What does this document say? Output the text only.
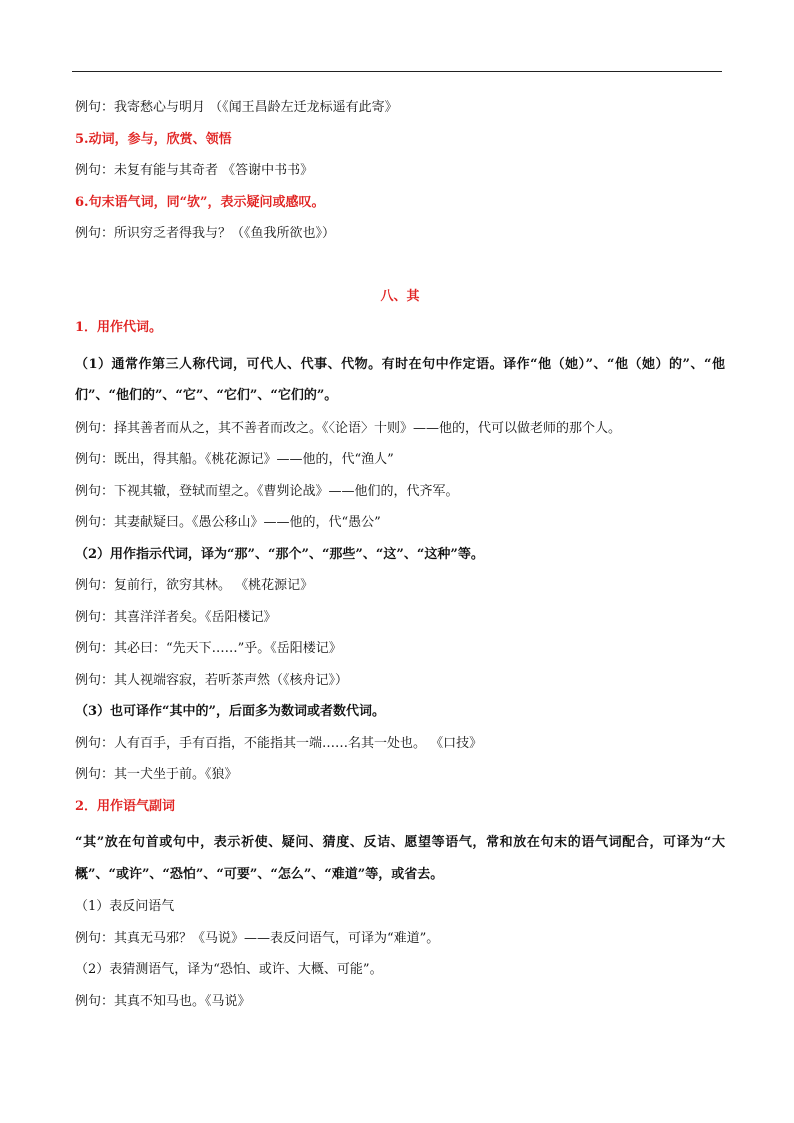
例句：我寄愁心与明月 （《闻王昌龄左迁龙标遥有此寄》
5.动词，参与，欣赏、领悟
例句：未复有能与其奇者 《答谢中书书》
6.句末语气词，同“欤”，表示疑问或感叹。
例句：所识穷乏者得我与？（《鱼我所欲也》）
八、其
1．用作代词。
（1）通常作第三人称代词，可代人、代事、代物。有时在句中作定语。译作“他（她）”、“他（她）的”、“他们”、“他们的”、“它”、“它们”、“它们的”。
例句：择其善者而从之，其不善者而改之。《〈论语〉十则》——他的，代可以做老师的那个人。
例句：既出，得其船。《桃花源记》——他的，代“渔人”
例句：下视其辙，登轼而望之。《曹刿论战》——他们的，代齐军。
例句：其妻献疑曰。《愚公移山》——他的，代“愚公”
（2）用作指示代词，译为“那”、“那个”、“那些”、“这”、“这种”等。
例句：复前行，欲穷其林。 《桃花源记》
例句：其喜洋洋者矣。《岳阳楼记》
例句：其必曰：“先天下……”乎。《岳阳楼记》
例句：其人视端容寂，若听茶声然（《核舟记》）
（3）也可译作“其中的”，后面多为数词或者数代词。
例句：人有百手，手有百指，不能指其一端……名其一处也。 《口技》
例句：其一犬坐于前。《狼》
2．用作语气副词
“其”放在句首或句中，表示祈使、疑问、猜度、反诘、愿望等语气，常和放在句末的语气词配合，可译为“大概”、“或许”、“恐怕”、“可要”、“怎么”、“难道”等，或省去。
（1）表反问语气
例句：其真无马邪？《马说》——表反问语气，可译为“难道”。
（2）表猜测语气，译为“恐怕、或许、大概、可能”。
例句：其真不知马也。《马说》
